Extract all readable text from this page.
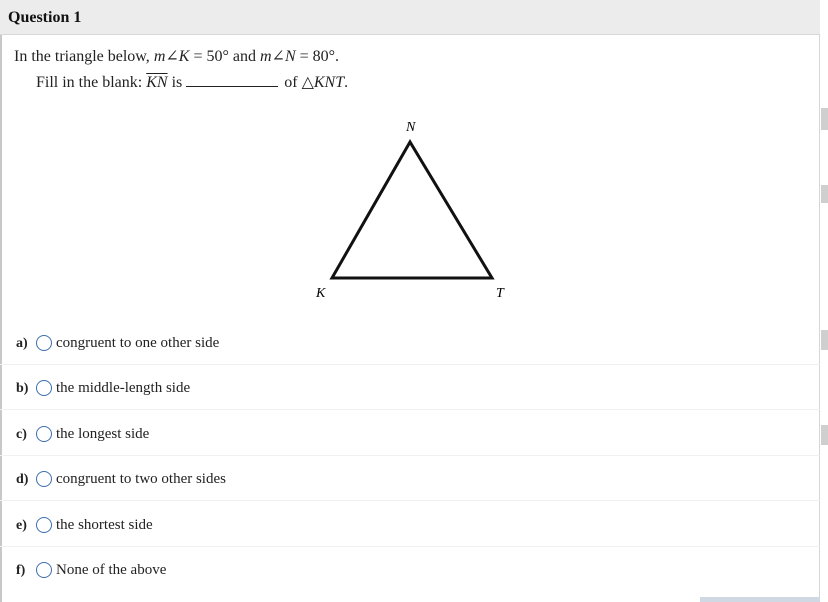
Question 1
In the triangle below, m∠K = 50° and m∠N = 80°.
Fill in the blank: $\overline{KN}$ is	of △KNT.
N
K	T
a) congruent to one other side
b) the middle-length side
c) the longest side
d) congruent to two other sides
e) the shortest side
f) None of the above
